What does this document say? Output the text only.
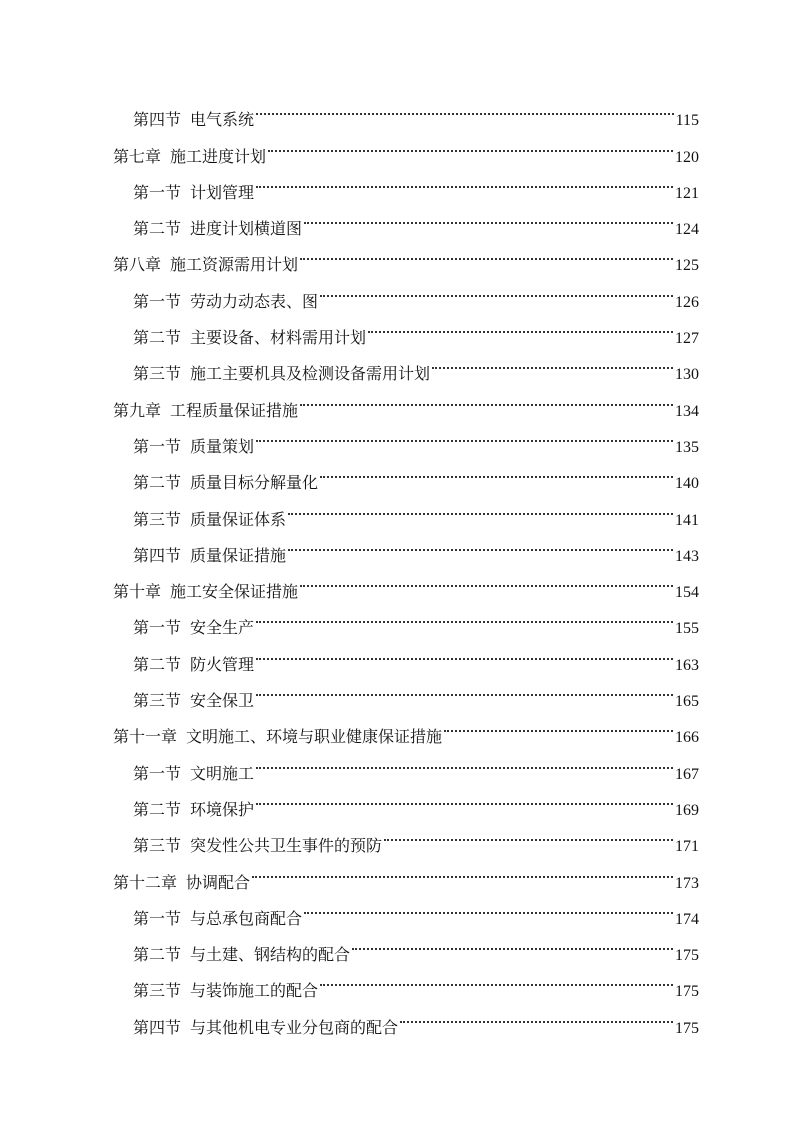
第四节 电气系统	115
第七章 施工进度计划	120
第一节 计划管理	121
第二节 进度计划横道图	124
第八章 施工资源需用计划	125
第一节 劳动力动态表、图	126
第二节 主要设备、材料需用计划	127
第三节 施工主要机具及检测设备需用计划	130
第九章 工程质量保证措施	134
第一节 质量策划	135
第二节 质量目标分解量化	140
第三节 质量保证体系	141
第四节 质量保证措施	143
第十章 施工安全保证措施	154
第一节 安全生产	155
第二节 防火管理	163
第三节 安全保卫	165
第十一章 文明施工、环境与职业健康保证措施	166
第一节 文明施工	167
第二节 环境保护	169
第三节 突发性公共卫生事件的预防	171
第十二章 协调配合	173
第一节 与总承包商配合	174
第二节 与土建、钢结构的配合	175
第三节 与装饰施工的配合	175
第四节 与其他机电专业分包商的配合	175
